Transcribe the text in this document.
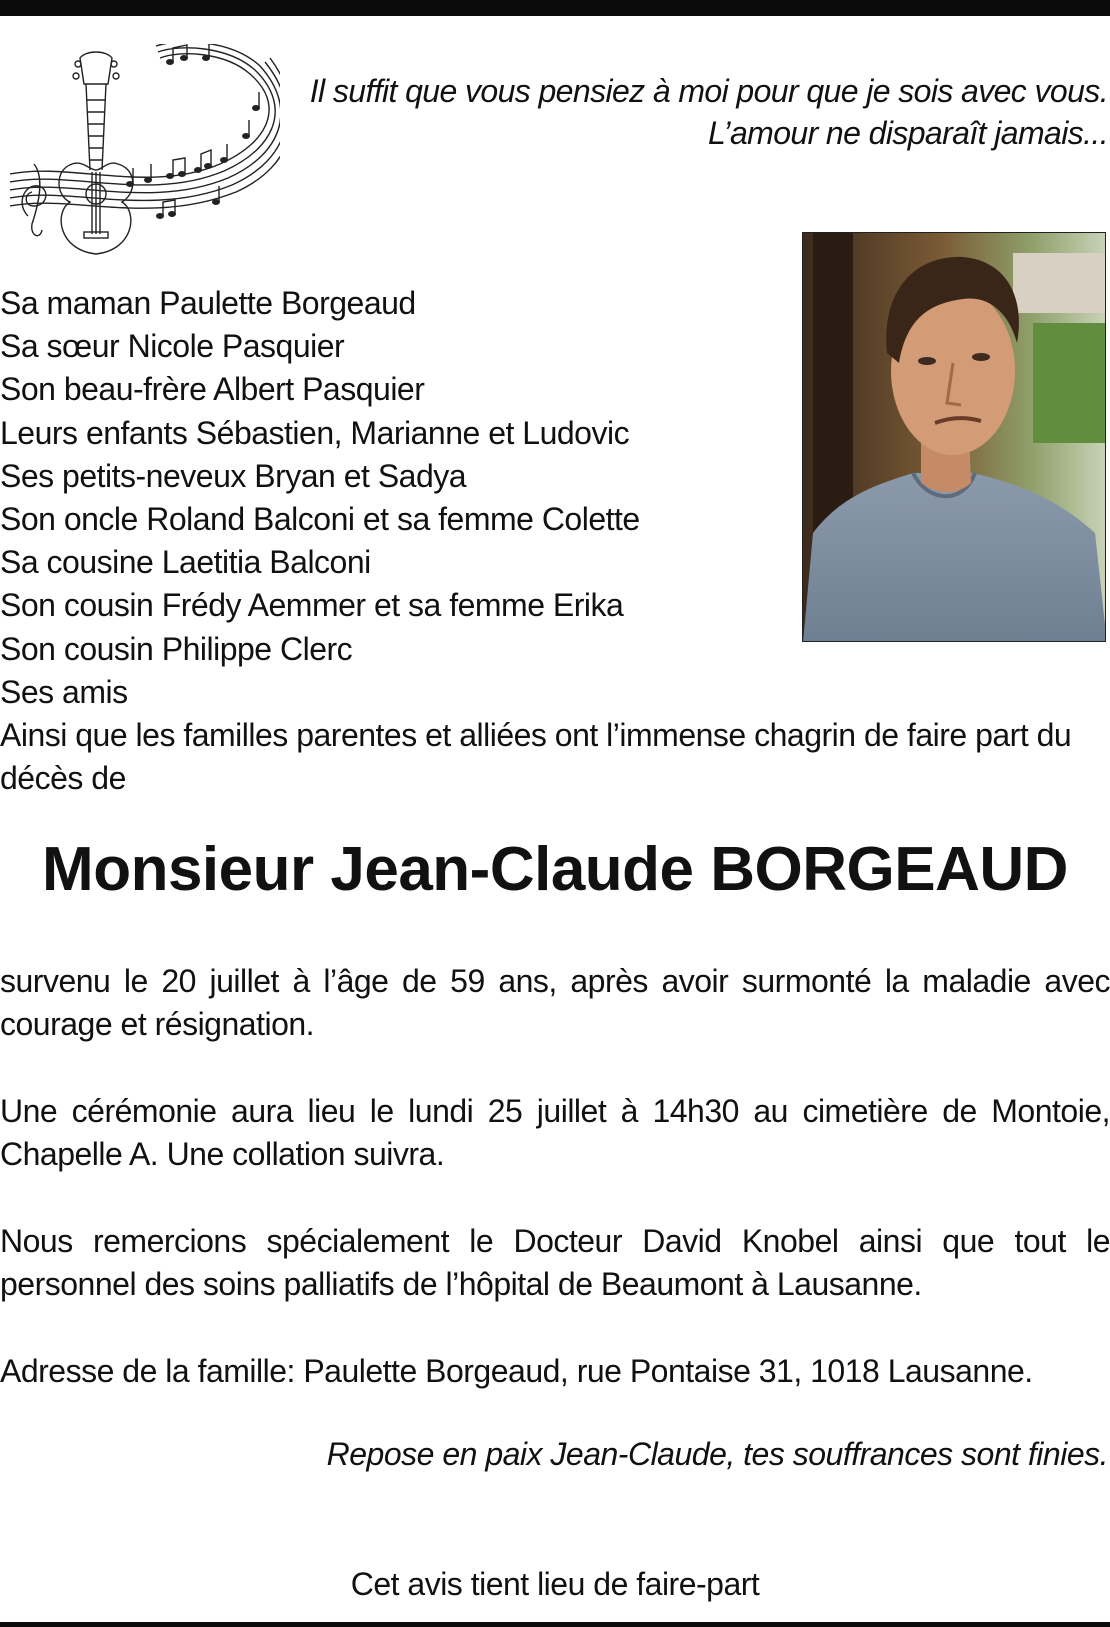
Il suffit que vous pensiez à moi pour que je sois avec vous.
L’amour ne disparaît jamais...
Sa maman Paulette Borgeaud
Sa sœur Nicole Pasquier
Son beau-frère Albert Pasquier
Leurs enfants Sébastien, Marianne et Ludovic
Ses petits-neveux Bryan et Sadya
Son oncle Roland Balconi et sa femme Colette
Sa cousine Laetitia Balconi
Son cousin Frédy Aemmer et sa femme Erika
Son cousin Philippe Clerc
Ses amis
Ainsi que les familles parentes et alliées ont l’immense chagrin de faire part du décès de
Monsieur Jean-Claude BORGEAUD
survenu le 20 juillet à l’âge de 59 ans, après avoir surmonté la maladie avec courage et résignation.
Une cérémonie aura lieu le lundi 25 juillet à 14h30 au cimetière de Montoie, Chapelle A. Une collation suivra.
Nous remercions spécialement le Docteur David Knobel ainsi que tout le personnel des soins palliatifs de l’hôpital de Beaumont à Lausanne.
Adresse de la famille: Paulette Borgeaud, rue Pontaise 31, 1018 Lausanne.
Repose en paix Jean-Claude, tes souffrances sont finies.
Cet avis tient lieu de faire-part
